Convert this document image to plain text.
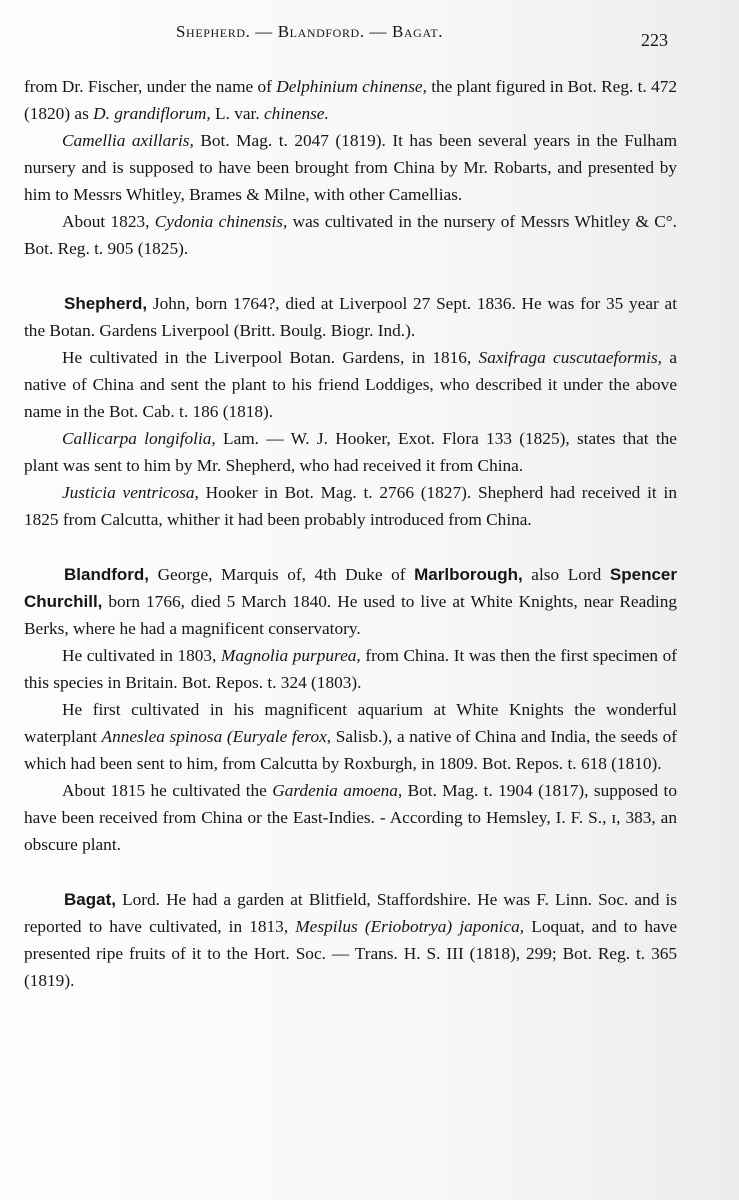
Shepherd. — Blandford. — Bagat.	223

from Dr. Fischer, under the name of Delphinium chinense, the plant figured in Bot. Reg. t. 472 (1820) as D. grandiflorum, L. var. chinense.

Camellia axillaris, Bot. Mag. t. 2047 (1819). It has been several years in the Fulham nursery and is supposed to have been brought from China by Mr. Robarts, and presented by him to Messrs Whitley, Brames & Milne, with other Camellias.

About 1823, Cydonia chinensis, was cultivated in the nursery of Messrs Whitley & C°. Bot. Reg. t. 905 (1825).

Shepherd, John, born 1764?, died at Liverpool 27 Sept. 1836. He was for 35 year at the Botan. Gardens Liverpool (Britt. Boulg. Biogr. Ind.).

He cultivated in the Liverpool Botan. Gardens, in 1816, Saxifraga cuscutaeformis, a native of China and sent the plant to his friend Loddiges, who described it under the above name in the Bot. Cab. t. 186 (1818).

Callicarpa longifolia, Lam. — W. J. Hooker, Exot. Flora 133 (1825), states that the plant was sent to him by Mr. Shepherd, who had received it from China.

Justicia ventricosa, Hooker in Bot. Mag. t. 2766 (1827). Shepherd had received it in 1825 from Calcutta, whither it had been probably introduced from China.

Blandford, George, Marquis of, 4th Duke of Marlborough, also Lord Spencer Churchill, born 1766, died 5 March 1840. He used to live at White Knights, near Reading Berks, where he had a magnificent conservatory.

He cultivated in 1803, Magnolia purpurea, from China. It was then the first specimen of this species in Britain. Bot. Repos. t. 324 (1803).

He first cultivated in his magnificent aquarium at White Knights the wonderful waterplant Anneslea spinosa (Euryale ferox, Salisb.), a native of China and India, the seeds of which had been sent to him, from Calcutta by Roxburgh, in 1809. Bot. Repos. t. 618 (1810).

About 1815 he cultivated the Gardenia amoena, Bot. Mag. t. 1904 (1817), supposed to have been received from China or the East-Indies. - According to Hemsley, I. F. S., ɪ, 383, an obscure plant.

Bagat, Lord. He had a garden at Blitfield, Staffordshire. He was F. Linn. Soc. and is reported to have cultivated, in 1813, Mespilus (Eriobotrya) japonica, Loquat, and to have presented ripe fruits of it to the Hort. Soc. — Trans. H. S. III (1818), 299; Bot. Reg. t. 365 (1819).
